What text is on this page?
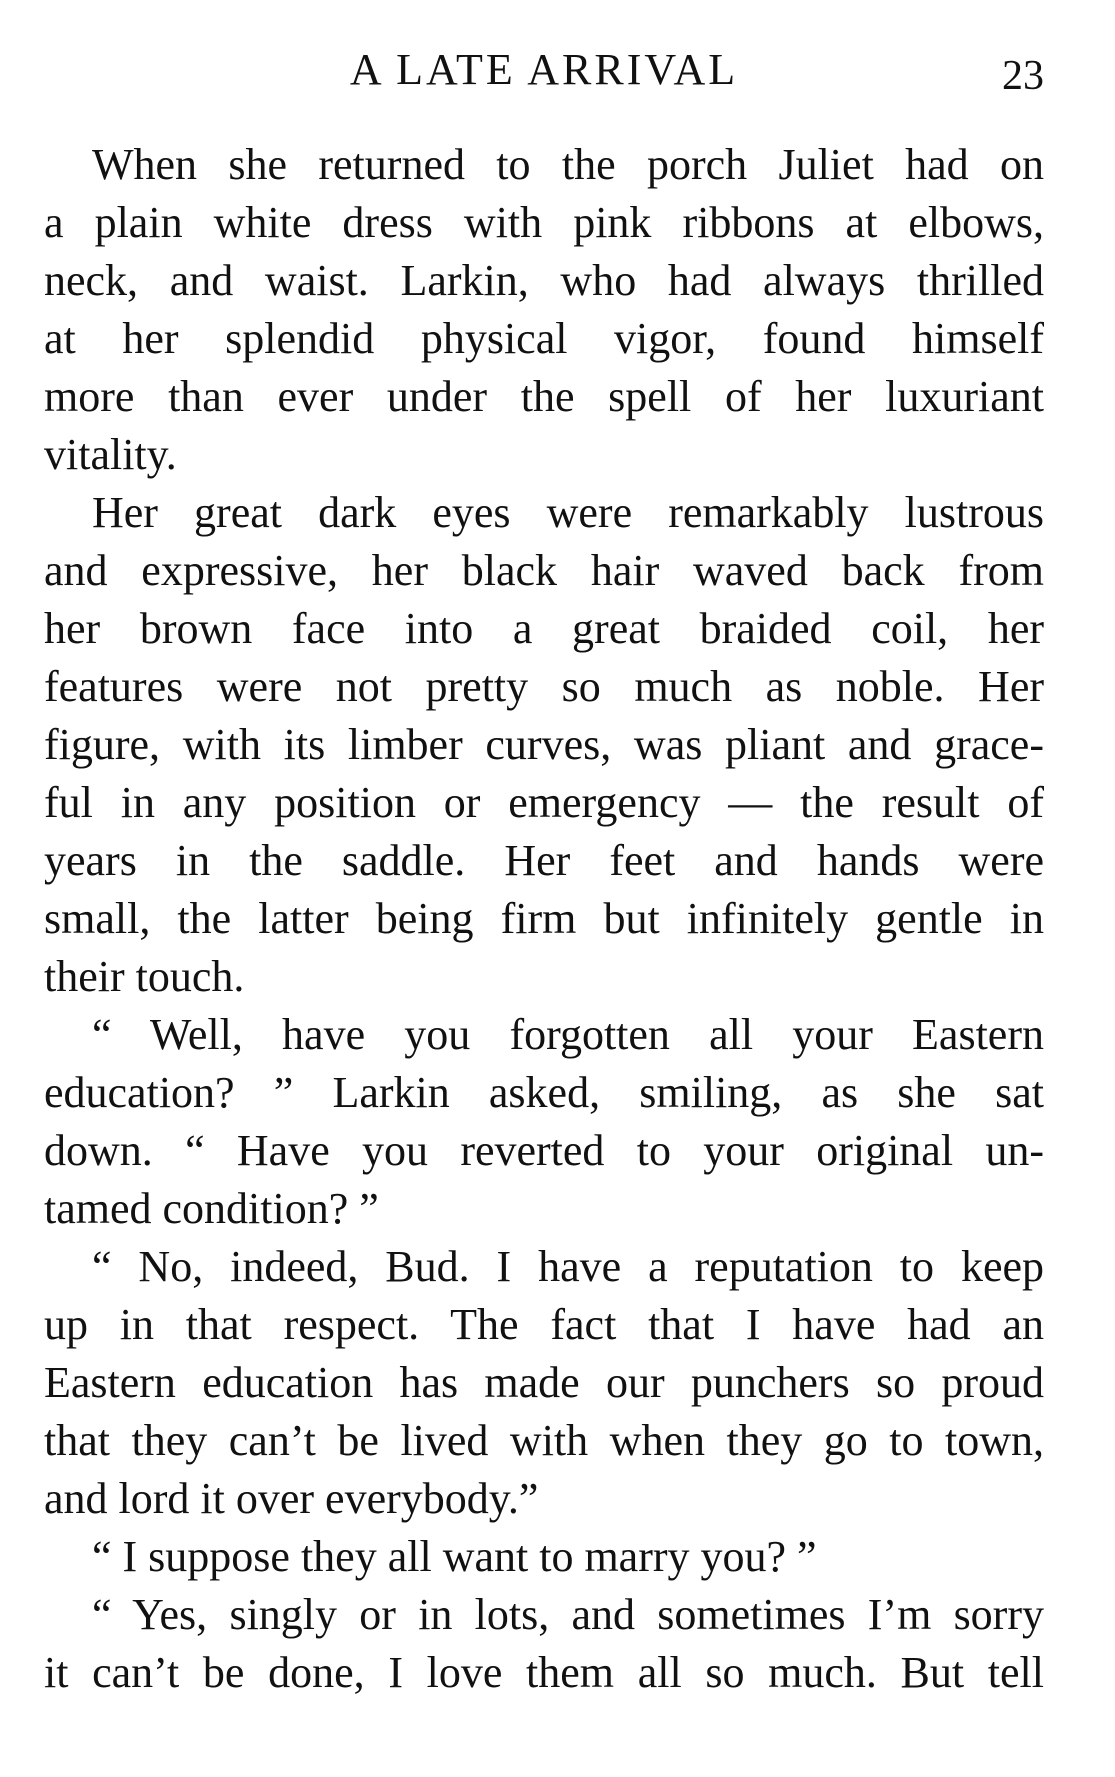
A LATE ARRIVAL	23
When she returned to the porch Juliet had on
a plain white dress with pink ribbons at elbows,
neck, and waist. Larkin, who had always thrilled
at her splendid physical vigor, found himself
more than ever under the spell of her luxuriant
vitality.
Her great dark eyes were remarkably lustrous
and expressive, her black hair waved back from
her brown face into a great braided coil, her
features were not pretty so much as noble. Her
figure, with its limber curves, was pliant and grace-
ful in any position or emergency — the result of
years in the saddle. Her feet and hands were
small, the latter being firm but infinitely gentle in
their touch.
“ Well, have you forgotten all your Eastern
education? ” Larkin asked, smiling, as she sat
down. “ Have you reverted to your original un-
tamed condition? ”
“ No, indeed, Bud. I have a reputation to keep
up in that respect. The fact that I have had an
Eastern education has made our punchers so proud
that they can’t be lived with when they go to town,
and lord it over everybody.”
“ I suppose they all want to marry you? ”
“ Yes, singly or in lots, and sometimes I’m sorry
it can’t be done, I love them all so much. But tell
